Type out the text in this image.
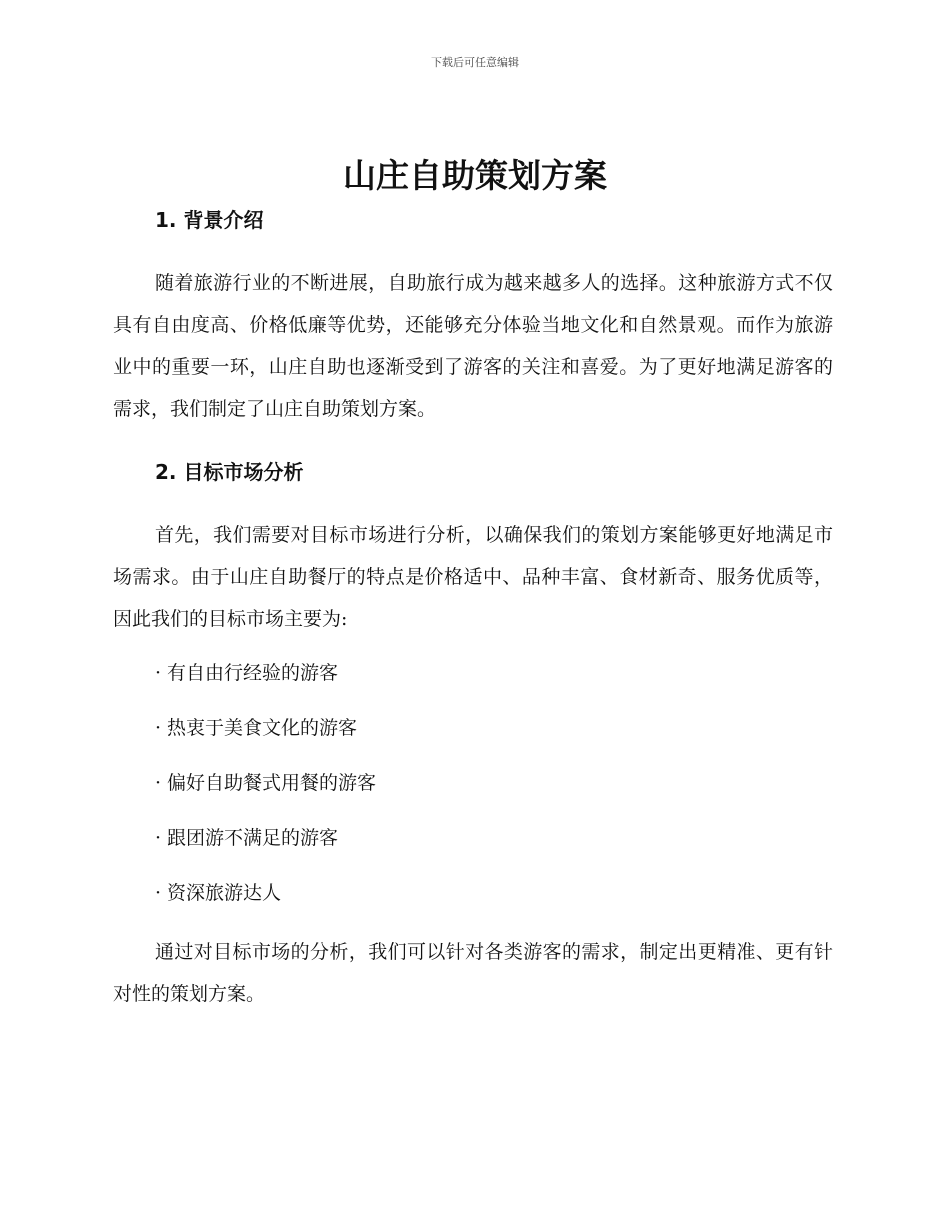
下载后可任意编辑
山庄自助策划方案
1. 背景介绍

随着旅游行业的不断进展，自助旅行成为越来越多人的选择。这种旅游方式不仅具有自由度高、价格低廉等优势，还能够充分体验当地文化和自然景观。而作为旅游业中的重要一环，山庄自助也逐渐受到了游客的关注和喜爱。为了更好地满足游客的需求，我们制定了山庄自助策划方案。

2. 目标市场分析

首先，我们需要对目标市场进行分析，以确保我们的策划方案能够更好地满足市场需求。由于山庄自助餐厅的特点是价格适中、品种丰富、食材新奇、服务优质等，因此我们的目标市场主要为:

· 有自由行经验的游客
· 热衷于美食文化的游客
· 偏好自助餐式用餐的游客
· 跟团游不满足的游客
· 资深旅游达人

通过对目标市场的分析，我们可以针对各类游客的需求，制定出更精准、更有针对性的策划方案。
